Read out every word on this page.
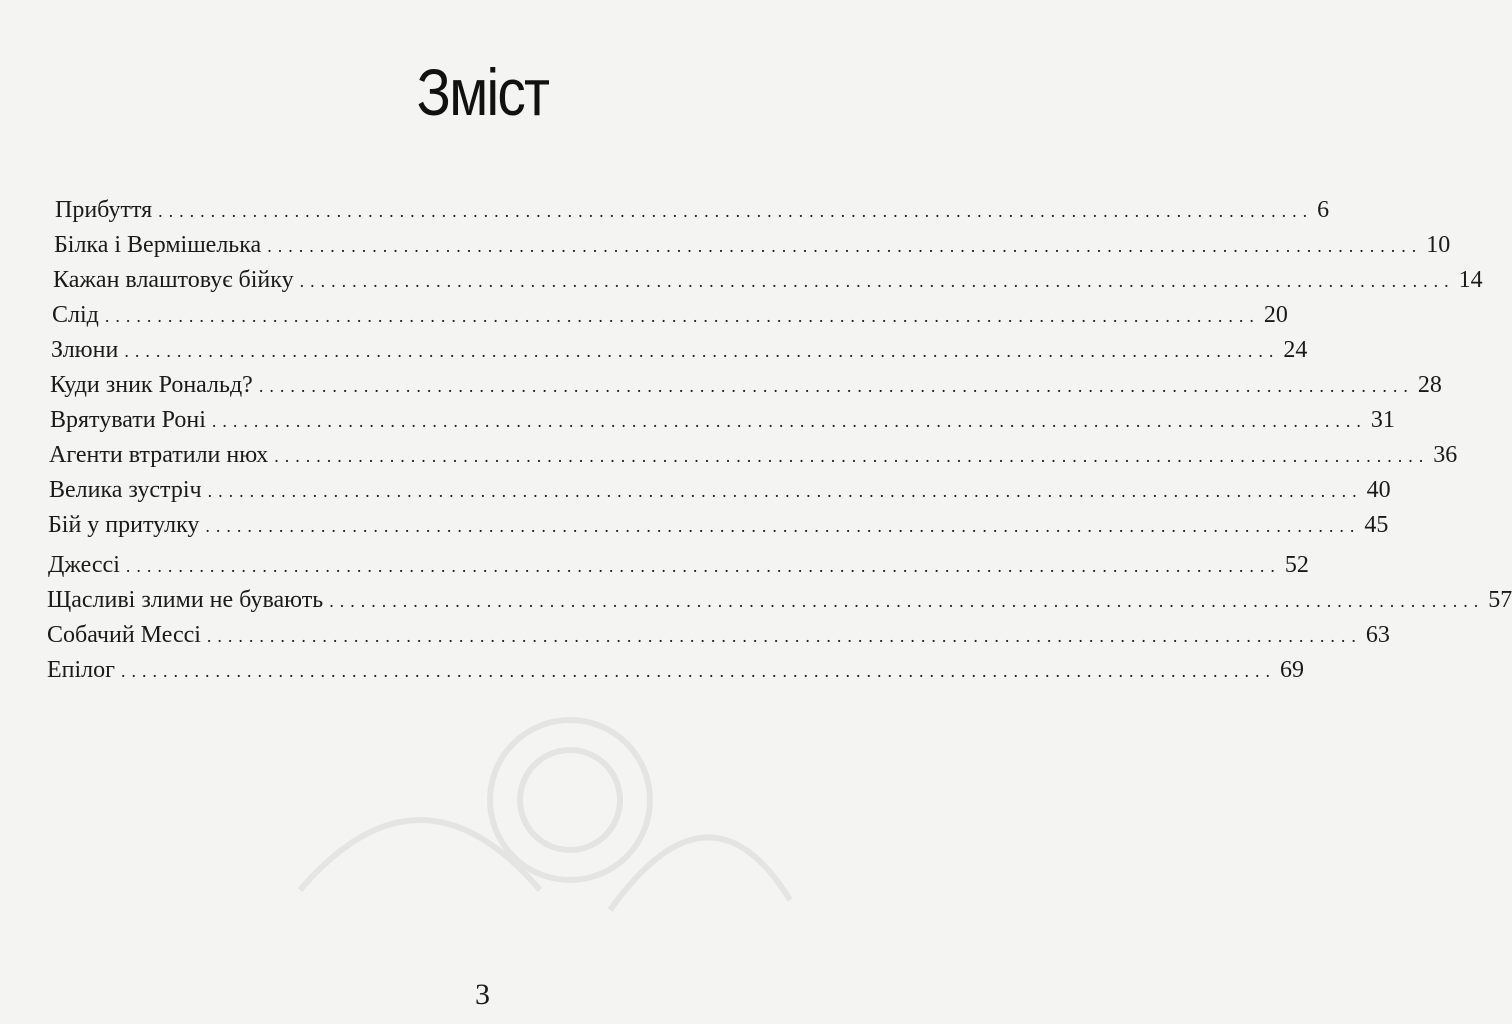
Зміст
Прибуття .............................................................................................................. 6
Білка і Вермішелька .............................................................................................................. 10
Кажан влаштовує бійку .............................................................................................................. 14
Слід .............................................................................................................. 20
Злюни .............................................................................................................. 24
Куди зник Рональд? .............................................................................................................. 28
Врятувати Роні .............................................................................................................. 31
Агенти втратили нюх .............................................................................................................. 36
Велика зустріч .............................................................................................................. 40
Бій у притулку .............................................................................................................. 45
Джессі .............................................................................................................. 52
Щасливі злими не бувають .............................................................................................................. 57
Собачий Мессі .............................................................................................................. 63
Епілог .............................................................................................................. 69
3
